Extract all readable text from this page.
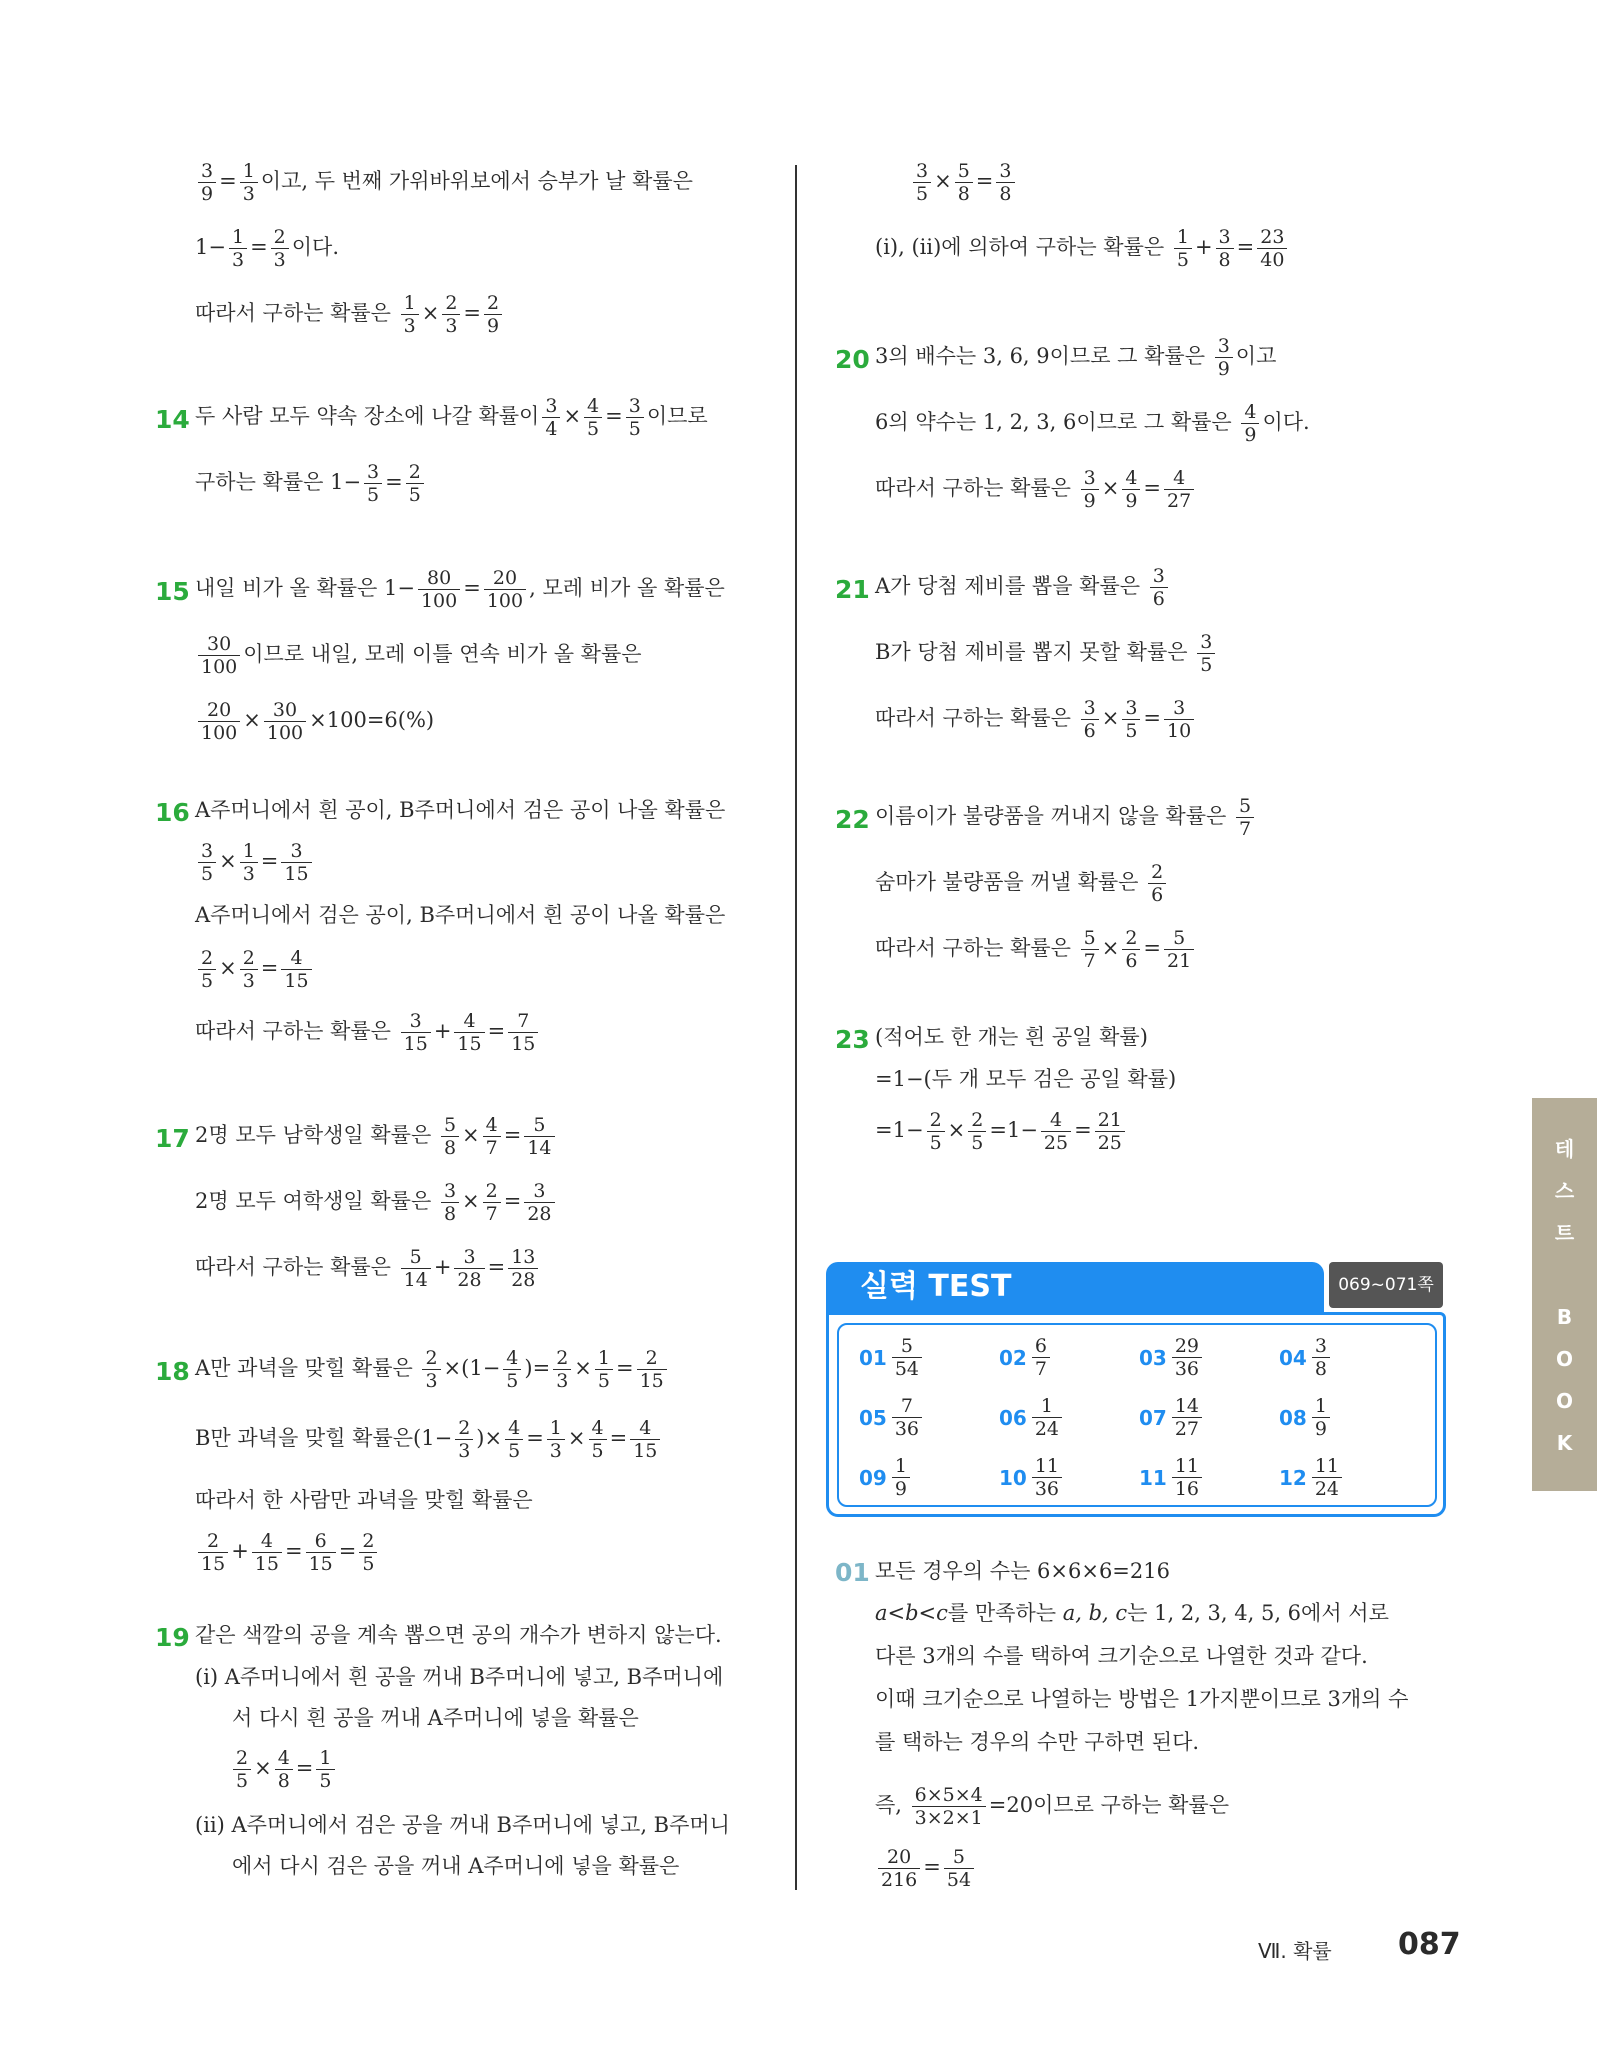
$\frac{3}{9} = \frac{1}{3}$ 이고, 두 번째 가위바위보에서 승부가 날 확률은
$1- \frac{1}{3} = \frac{2}{3}$ 이다.
따라서 구하는 확률은 $\frac{1}{3} \times \frac{2}{3} = \frac{2}{9}$
14 두 사람 모두 약속 장소에 나갈 확률이 $\frac{3}{4} \times \frac{4}{5} = \frac{3}{5}$ 이므로
구하는 확률은 $1- \frac{3}{5} = \frac{2}{5}$
15 내일 비가 올 확률은 $1- \frac{80}{100} = \frac{20}{100}$ , 모레 비가 올 확률은
$\frac{30}{100}$ 이므로 내일, 모레 이틀 연속 비가 올 확률은
$\frac{20}{100} \times \frac{30}{100} \times 100=6(\%)$
16 A주머니에서 흰 공이, B주머니에서 검은 공이 나올 확률은
$\frac{3}{5} \times \frac{1}{3} = \frac{3}{15}$
A주머니에서 검은 공이, B주머니에서 흰 공이 나올 확률은
$\frac{2}{5} \times \frac{2}{3} = \frac{4}{15}$
따라서 구하는 확률은 $\frac{3}{15} + \frac{4}{15} = \frac{7}{15}$
17 2명 모두 남학생일 확률은 $\frac{5}{8} \times \frac{4}{7} = \frac{5}{14}$
2명 모두 여학생일 확률은 $\frac{3}{8} \times \frac{2}{7} = \frac{3}{28}$
따라서 구하는 확률은 $\frac{5}{14} + \frac{3}{28} = \frac{13}{28}$
18 A만 과녁을 맞힐 확률은 $\frac{2}{3} \times(1- \frac{4}{5}$ )= $\frac{2}{3} \times \frac{1}{5} = \frac{2}{15}$
B만 과녁을 맞힐 확률은($1- \frac{2}{3}$ )× $\frac{4}{5} = \frac{1}{3} \times \frac{4}{5} = \frac{4}{15}$
따라서 한 사람만 과녁을 맞힐 확률은
$\frac{2}{15} + \frac{4}{15} = \frac{6}{15} = \frac{2}{5}$
19 같은 색깔의 공을 계속 뽑으면 공의 개수가 변하지 않는다.
(ⅰ) A주머니에서 흰 공을 꺼내 B주머니에 넣고, B주머니에
서 다시 흰 공을 꺼내 A주머니에 넣을 확률은
$\frac{2}{5} \times \frac{4}{8} = \frac{1}{5}$
(ⅱ) A주머니에서 검은 공을 꺼내 B주머니에 넣고, B주머니
에서 다시 검은 공을 꺼내 A주머니에 넣을 확률은
$\frac{3}{5} \times \frac{5}{8} = \frac{3}{8}$
(ⅰ), (ⅱ)에 의하여 구하는 확률은 $\frac{1}{5} + \frac{3}{8} = \frac{23}{40}$
20 3의 배수는 3, 6, 9이므로 그 확률은 $\frac{3}{9}$ 이고
6의 약수는 1, 2, 3, 6이므로 그 확률은 $\frac{4}{9}$ 이다.
따라서 구하는 확률은 $\frac{3}{9} \times \frac{4}{9} = \frac{4}{27}$
21 A가 당첨 제비를 뽑을 확률은 $\frac{3}{6}$
B가 당첨 제비를 뽑지 못할 확률은 $\frac{3}{5}$
따라서 구하는 확률은 $\frac{3}{6} \times \frac{3}{5} = \frac{3}{10}$
22 이름이가 불량품을 꺼내지 않을 확률은 $\frac{5}{7}$
숨마가 불량품을 꺼낼 확률은 $\frac{2}{6}$
따라서 구하는 확률은 $\frac{5}{7} \times \frac{2}{6} = \frac{5}{21}$
23 (적어도 한 개는 흰 공일 확률)
=1−(두 개 모두 검은 공일 확률)
$=1- \frac{2}{5} \times \frac{2}{5} =1- \frac{4}{25} = \frac{21}{25}$
실력 TEST	069~071쪽
$01 \frac{5}{54}$	$02 \frac{6}{7}$	$03 \frac{29}{36}$	$04 \frac{3}{8}$
$05 \frac{7}{36}$	$06 \frac{1}{24}$	$07 \frac{14}{27}$	$08 \frac{1}{9}$
$09 \frac{1}{9}$	$10 \frac{11}{36}$	$11 \frac{11}{16}$	$12 \frac{11}{24}$
01 모든 경우의 수는 6×6×6=216
a<b<c를 만족하는 a, b, c는 1, 2, 3, 4, 5, 6에서 서로
다른 3개의 수를 택하여 크기순으로 나열한 것과 같다.
이때 크기순으로 나열하는 방법은 1가지뿐이므로 3개의 수
를 택하는 경우의 수만 구하면 된다.
즉, $\frac{6\times 5\times 4}{3\times 2\times 1} =20$이므로 구하는 확률은
$\frac{20}{216} = \frac{5}{54}$
테
스
트

B
O
O
K
Ⅶ. 확률 087
